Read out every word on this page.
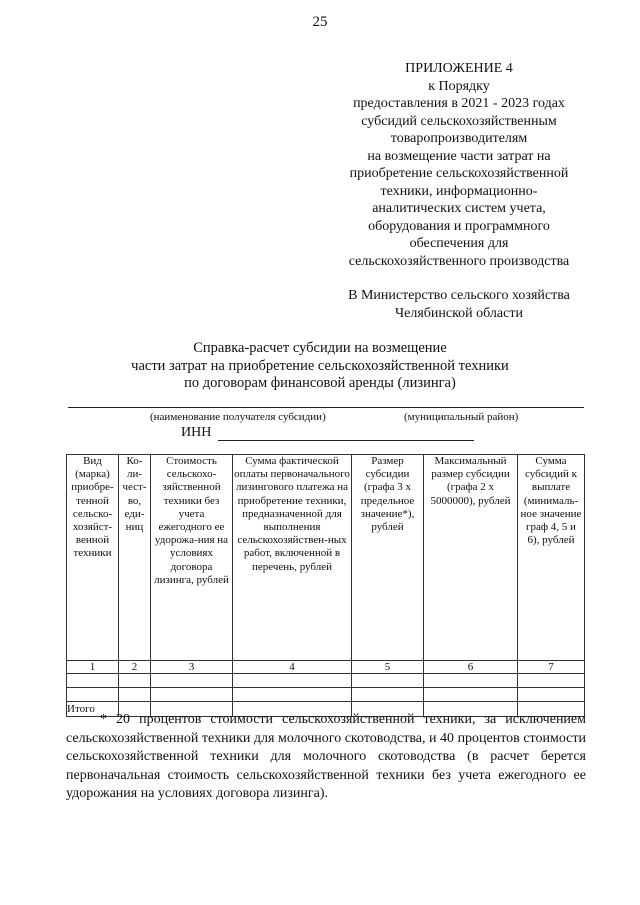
25
ПРИЛОЖЕНИЕ 4
к Порядку
предоставления в 2021 - 2023 годах
субсидий сельскохозяйственным
товаропроизводителям
на возмещение части затрат на
приобретение сельскохозяйственной
техники, информационно-
аналитических систем учета,
оборудования и программного
обеспечения для
сельскохозяйственного производства
В Министерство сельского хозяйства
Челябинской области
Справка-расчет субсидии на возмещение
части затрат на приобретение сельскохозяйственной техники
по договорам финансовой аренды (лизинга)
(наименование получателя субсидии)	(муниципальный район)
ИНН
Вид (марка) приобре-тенной сельско-хозяйст-венной техники	Ко-ли-чест-во, еди-ниц	Стоимость сельскохо-зяйственной техники без учета ежегодного ее удорожа-ния на условиях договора лизинга, рублей	Сумма фактической оплаты первоначального лизингового платежа на приобретение техники, предназначенной для выполнения сельскохозяйствен-ных работ, включенной в перечень, рублей	Размер субсидии (графа 3 х предельное значение*), рублей	Максимальный размер субсидии (графа 2 х 5000000), рублей	Сумма субсидий к выплате (минималь-ное значение граф 4, 5 и 6), рублей
1	2	3	4	5	6	7

Итого						
* 20 процентов стоимости сельскохозяйственной техники, за исключением сельскохозяйственной техники для молочного скотоводства, и 40 процентов стоимости сельскохозяйственной техники для молочного скотоводства (в расчет берется первоначальная стоимость сельскохозяйственной техники без учета ежегодного ее удорожания на условиях договора лизинга).
